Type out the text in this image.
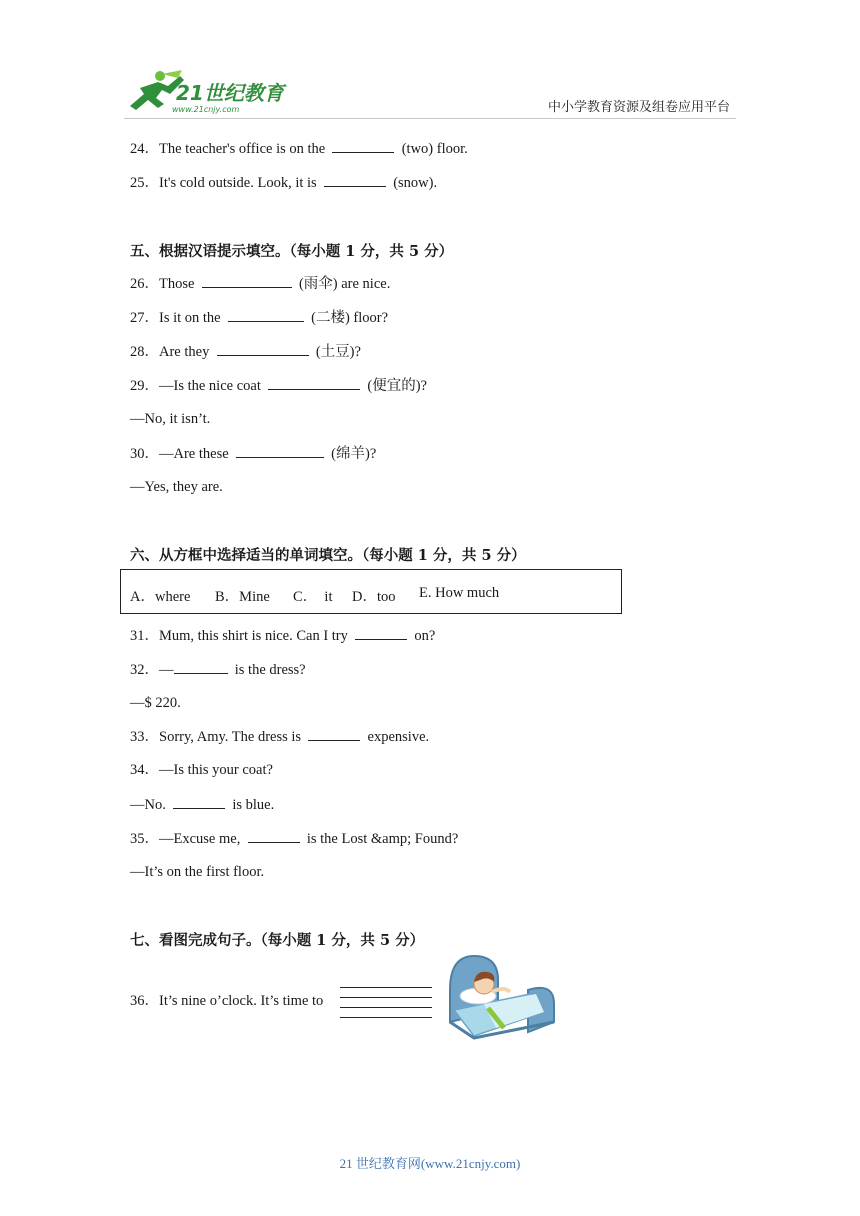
21世纪教育
www.21cnjy.com	中小学教育资源及组卷应用平台
24．The teacher's office is on the	(two) floor.
25．It's cold outside. Look, it is	(snow).
五、根据汉语提示填空。（每小题 1 分，共 5 分）
26．Those	(雨伞) are nice.
27．Is it on the	(二楼) floor?
28．Are they	(土豆)?
29．—Is the nice coat	(便宜的)?
—No, it isn’t.
30．—Are these	(绵羊)?
—Yes, they are.
六、从方框中选择适当的单词填空。（每小题 1 分，共 5 分）
A．where B．Mine C．  it D．too E. How much
31．Mum, this shirt is nice. Can I try	on?
32．—	is the dress?
—$ 220.
33．Sorry, Amy. The dress is	expensive.
34．—Is this your coat?
—No.	is blue.
35．—Excuse me,	is the Lost &amp; Found?
—It’s on the first floor.
七、看图完成句子。（每小题 1 分，共 5 分）
36．It’s nine o’clock. It’s time to
21 世纪教育网(www.21cnjy.com)
